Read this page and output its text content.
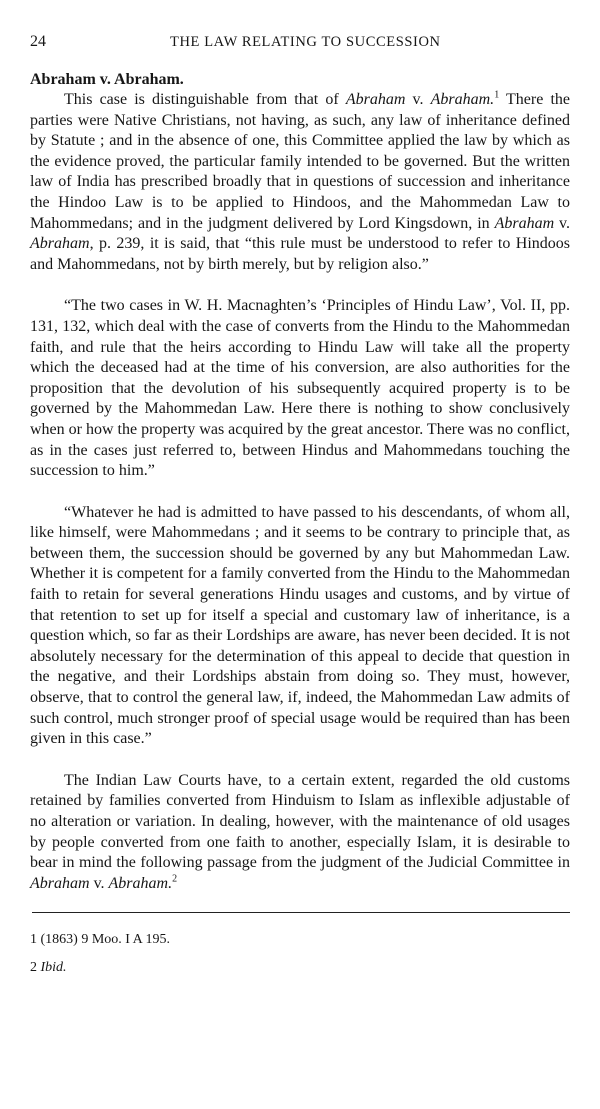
24	THE LAW RELATING TO SUCCESSION
Abraham v. Abraham.

This case is distinguishable from that of Abraham v. Abraham.$^1$ There the parties were Native Christians, not having, as such, any law of inheritance defined by Statute ; and in the absence of one, this Committee applied the law by which as the evidence proved, the particular family intended to be governed. But the written law of India has prescribed broadly that in questions of succession and inheritance the Hindoo Law is to be applied to Hindoos, and the Mahommedan Law to Mahommedans; and in the judgment delivered by Lord Kingsdown, in Abraham v. Abraham, p. 239, it is said, that “this rule must be understood to refer to Hindoos and Mahommedans, not by birth merely, but by religion also.”

“The two cases in W. H. Macnaghten’s ‘Principles of Hindu Law’, Vol. II, pp. 131, 132, which deal with the case of converts from the Hindu to the Mahommedan faith, and rule that the heirs according to Hindu Law will take all the property which the deceased had at the time of his conversion, are also authorities for the proposition that the devolution of his subsequently acquired property is to be governed by the Mahommedan Law. Here there is nothing to show conclusively when or how the property was acquired by the great ancestor. There was no conflict, as in the cases just referred to, between Hindus and Mahommedans touching the succession to him.”

“Whatever he had is admitted to have passed to his descendants, of whom all, like himself, were Mahommedans ; and it seems to be contrary to principle that, as between them, the succession should be governed by any but Mahommedan Law. Whether it is competent for a family converted from the Hindu to the Mahommedan faith to retain for several generations Hindu usages and customs, and by virtue of that retention to set up for itself a special and customary law of inheritance, is a question which, so far as their Lordships are aware, has never been decided. It is not absolutely necessary for the determination of this appeal to decide that question in the negative, and their Lordships abstain from doing so. They must, however, observe, that to control the general law, if, indeed, the Mahommedan Law admits of such control, much stronger proof of special usage would be required than has been given in this case.”

The Indian Law Courts have, to a certain extent, regarded the old customs retained by families converted from Hinduism to Islam as inflexible adjustable of no alteration or variation. In dealing, however, with the maintenance of old usages by people converted from one faith to another, especially Islam, it is desirable to bear in mind the following passage from the judgment of the Judicial Committee in Abraham v. Abraham.$^2$

1 (1863) 9 Moo. I A 195.

2 Ibid.
